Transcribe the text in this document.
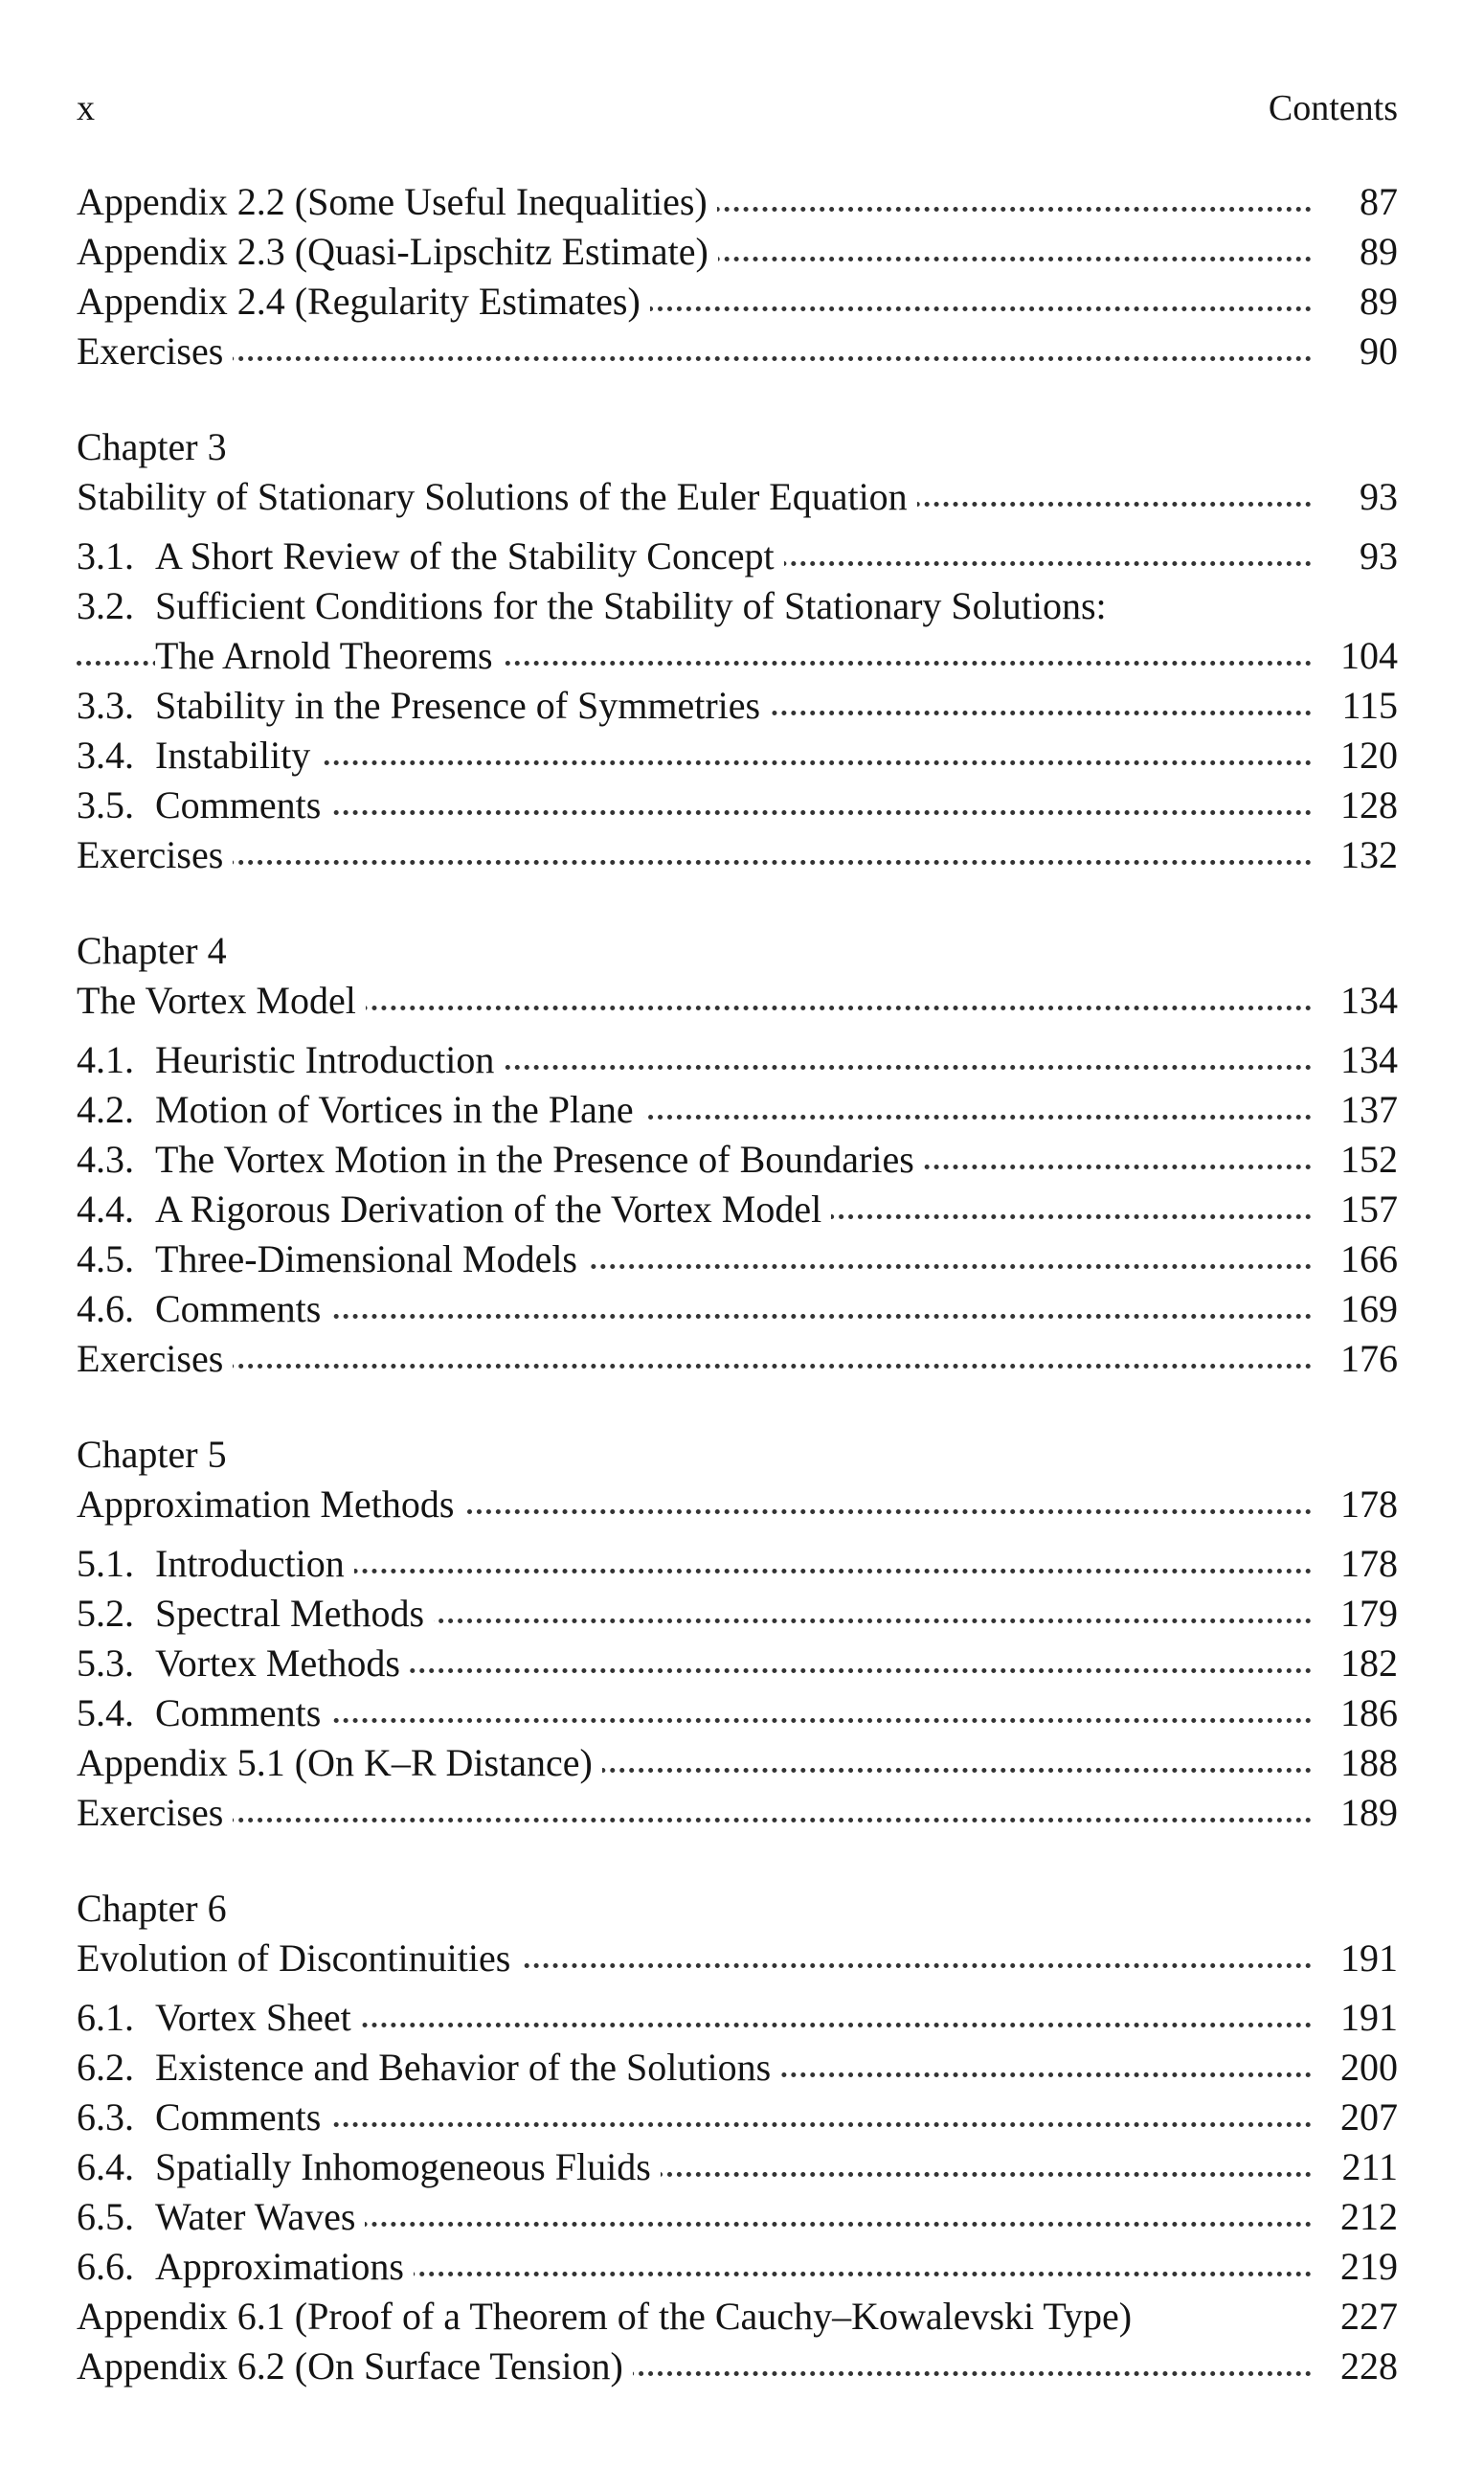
x	Contents
Appendix 2.2 (Some Useful Inequalities)	87
Appendix 2.3 (Quasi-Lipschitz Estimate)	89
Appendix 2.4 (Regularity Estimates)	89
Exercises	90
Chapter 3
Stability of Stationary Solutions of the Euler Equation	93
3.1. A Short Review of the Stability Concept	93
3.2. Sufficient Conditions for the Stability of Stationary Solutions:
The Arnold Theorems	104
3.3. Stability in the Presence of Symmetries	115
3.4. Instability	120
3.5. Comments	128
Exercises	132
Chapter 4
The Vortex Model	134
4.1. Heuristic Introduction	134
4.2. Motion of Vortices in the Plane	137
4.3. The Vortex Motion in the Presence of Boundaries	152
4.4. A Rigorous Derivation of the Vortex Model	157
4.5. Three-Dimensional Models	166
4.6. Comments	169
Exercises	176
Chapter 5
Approximation Methods	178
5.1. Introduction	178
5.2. Spectral Methods	179
5.3. Vortex Methods	182
5.4. Comments	186
Appendix 5.1 (On K–R Distance)	188
Exercises	189
Chapter 6
Evolution of Discontinuities	191
6.1. Vortex Sheet	191
6.2. Existence and Behavior of the Solutions	200
6.3. Comments	207
6.4. Spatially Inhomogeneous Fluids	211
6.5. Water Waves	212
6.6. Approximations	219
Appendix 6.1 (Proof of a Theorem of the Cauchy–Kowalevski Type)	227
Appendix 6.2 (On Surface Tension)	228
